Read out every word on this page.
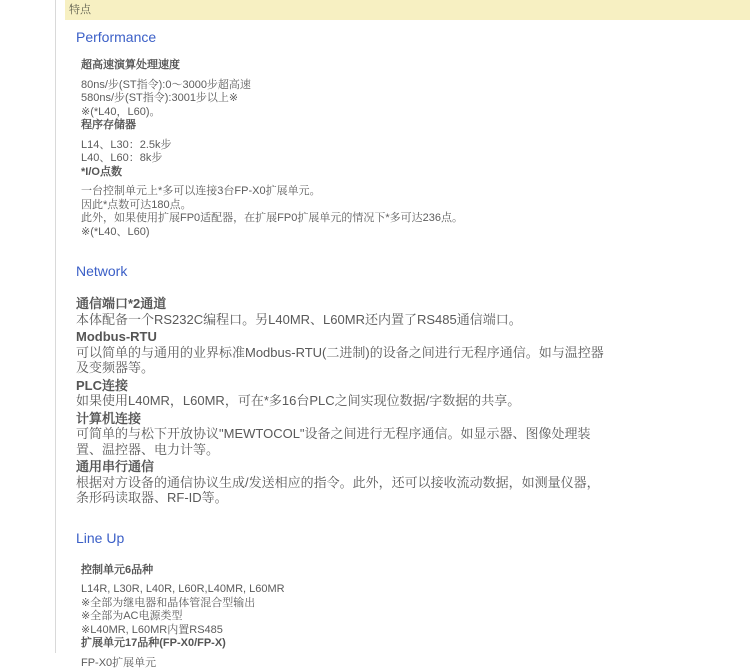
特点
Performance
超高速演算处理速度
80ns/步(ST指令):0～3000步超高速
580ns/步(ST指令):3001步以上※
※(*L40，L60)。
程序存储器
L14、L30：2.5k步
L40、L60：8k步
*I/O点数
一台控制单元上*多可以连接3台FP-X0扩展单元。
因此*点数可达180点。
此外，如果使用扩展FP0适配器，在扩展FP0扩展单元的情况下*多可达236点。
※(*L40、L60)
Network
通信端口*2通道
本体配备一个RS232C编程口。另L40MR、L60MR还内置了RS485通信端口。
Modbus-RTU
可以简单的与通用的业界标准Modbus-RTU(二进制)的设备之间进行无程序通信。如与温控器及变频器等。
PLC连接
如果使用L40MR，L60MR，可在*多16台PLC之间实现位数据/字数据的共享。
计算机连接
可简单的与松下开放协议"MEWTOCOL"设备之间进行无程序通信。如显示器、图像处理装置、温控器、电力计等。
通用串行通信
根据对方设备的通信协议生成/发送相应的指令。此外，还可以接收流动数据，如测量仪器，条形码读取器、RF-ID等。
Line Up
控制单元6品种
L14R, L30R, L40R, L60R,L40MR, L60MR
※全部为继电器和晶体管混合型输出
※全部为AC电源类型
※L40MR, L60MR内置RS485
扩展单元17品种(FP-X0/FP-X)
FP-X0扩展单元
